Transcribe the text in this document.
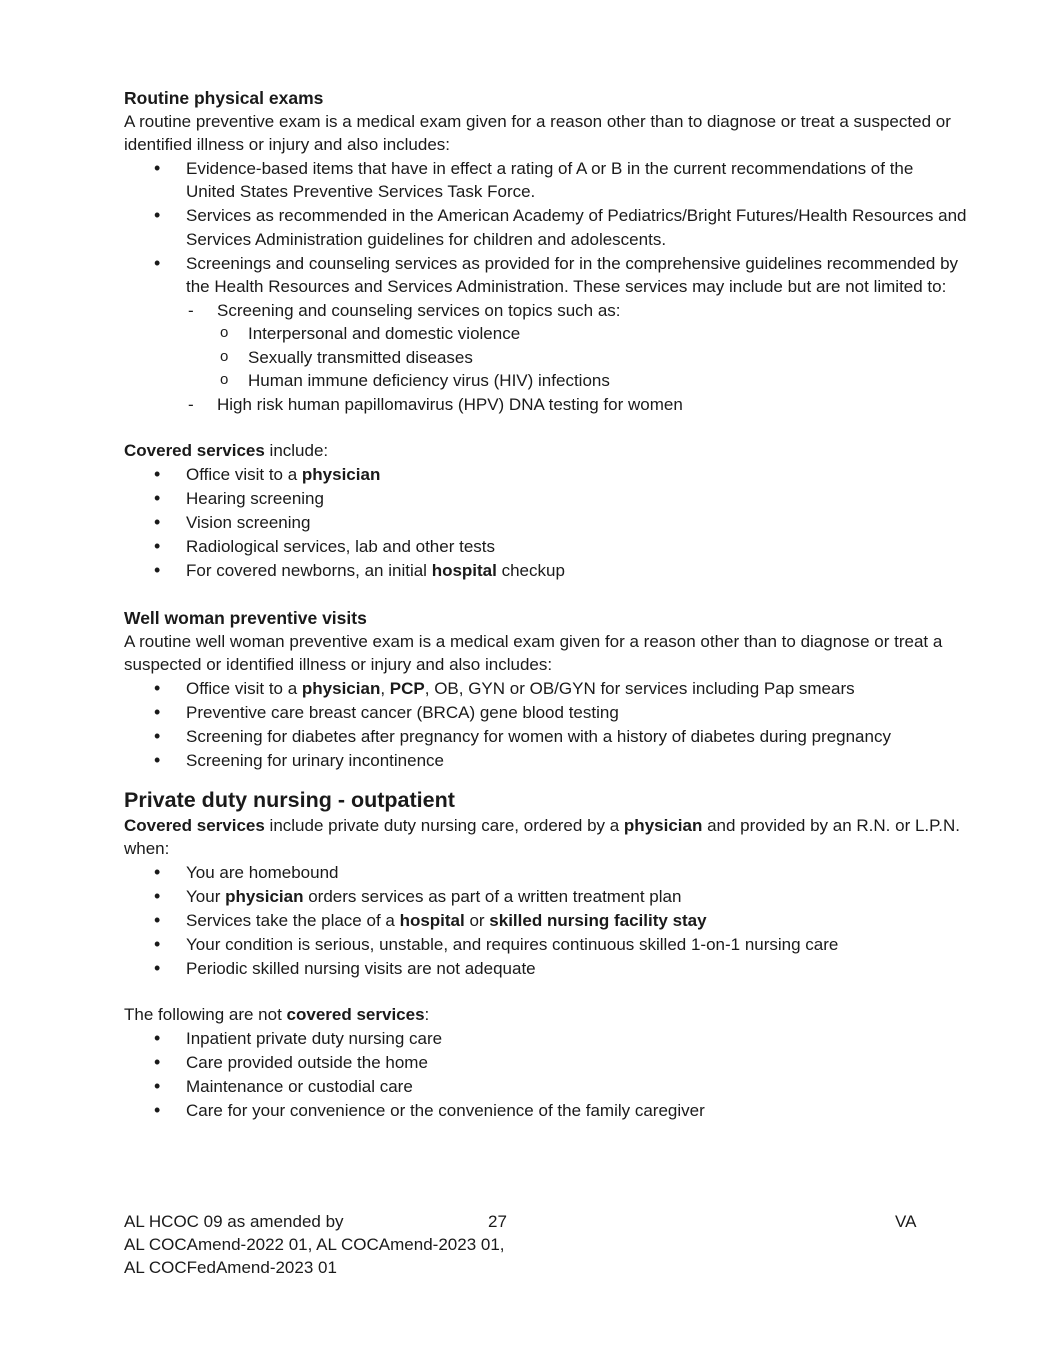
Routine physical exams
A routine preventive exam is a medical exam given for a reason other than to diagnose or treat a suspected or
identified illness or injury and also includes:
• Evidence-based items that have in effect a rating of A or B in the current recommendations of the
United States Preventive Services Task Force.
• Services as recommended in the American Academy of Pediatrics/Bright Futures/Health Resources and
Services Administration guidelines for children and adolescents.
• Screenings and counseling services as provided for in the comprehensive guidelines recommended by
the Health Resources and Services Administration. These services may include but are not limited to:
- Screening and counseling services on topics such as:
o Interpersonal and domestic violence
o Sexually transmitted diseases
o Human immune deficiency virus (HIV) infections
- High risk human papillomavirus (HPV) DNA testing for women
Covered services include:
• Office visit to a physician
• Hearing screening
• Vision screening
• Radiological services, lab and other tests
• For covered newborns, an initial hospital checkup
Well woman preventive visits
A routine well woman preventive exam is a medical exam given for a reason other than to diagnose or treat a
suspected or identified illness or injury and also includes:
• Office visit to a physician, PCP, OB, GYN or OB/GYN for services including Pap smears
• Preventive care breast cancer (BRCA) gene blood testing
• Screening for diabetes after pregnancy for women with a history of diabetes during pregnancy
• Screening for urinary incontinence
Private duty nursing - outpatient
Covered services include private duty nursing care, ordered by a physician and provided by an R.N. or L.P.N.
when:
• You are homebound
• Your physician orders services as part of a written treatment plan
• Services take the place of a hospital or skilled nursing facility stay
• Your condition is serious, unstable, and requires continuous skilled 1-on-1 nursing care
• Periodic skilled nursing visits are not adequate
The following are not covered services:
• Inpatient private duty nursing care
• Care provided outside the home
• Maintenance or custodial care
• Care for your convenience or the convenience of the family caregiver
AL HCOC 09 as amended by
AL COCAmend-2022 01, AL COCAmend-2023 01,
AL COCFedAmend-2023 01
27	VA
